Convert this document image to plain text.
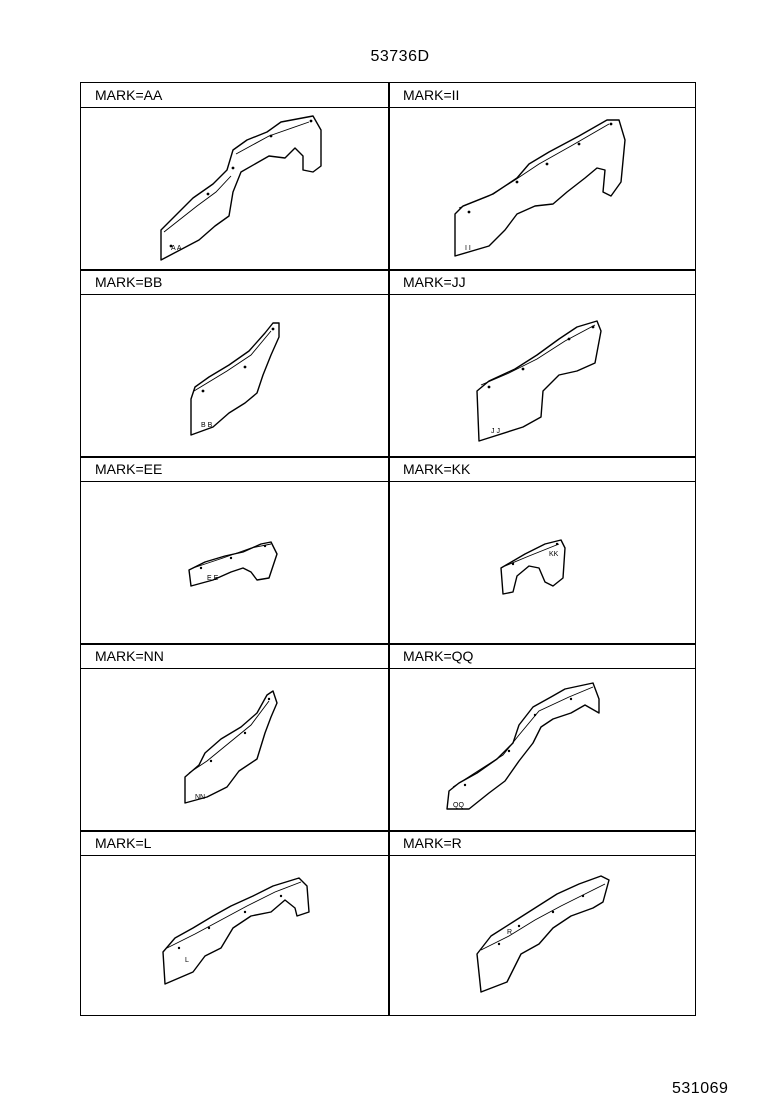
53736D
MARK=AA
A A
MARK=II
I I
MARK=BB
B B
MARK=JJ
J J
MARK=EE
E E
MARK=KK
KK
MARK=NN
NN
MARK=QQ
QQ
MARK=L
L
MARK=R
R
531069
